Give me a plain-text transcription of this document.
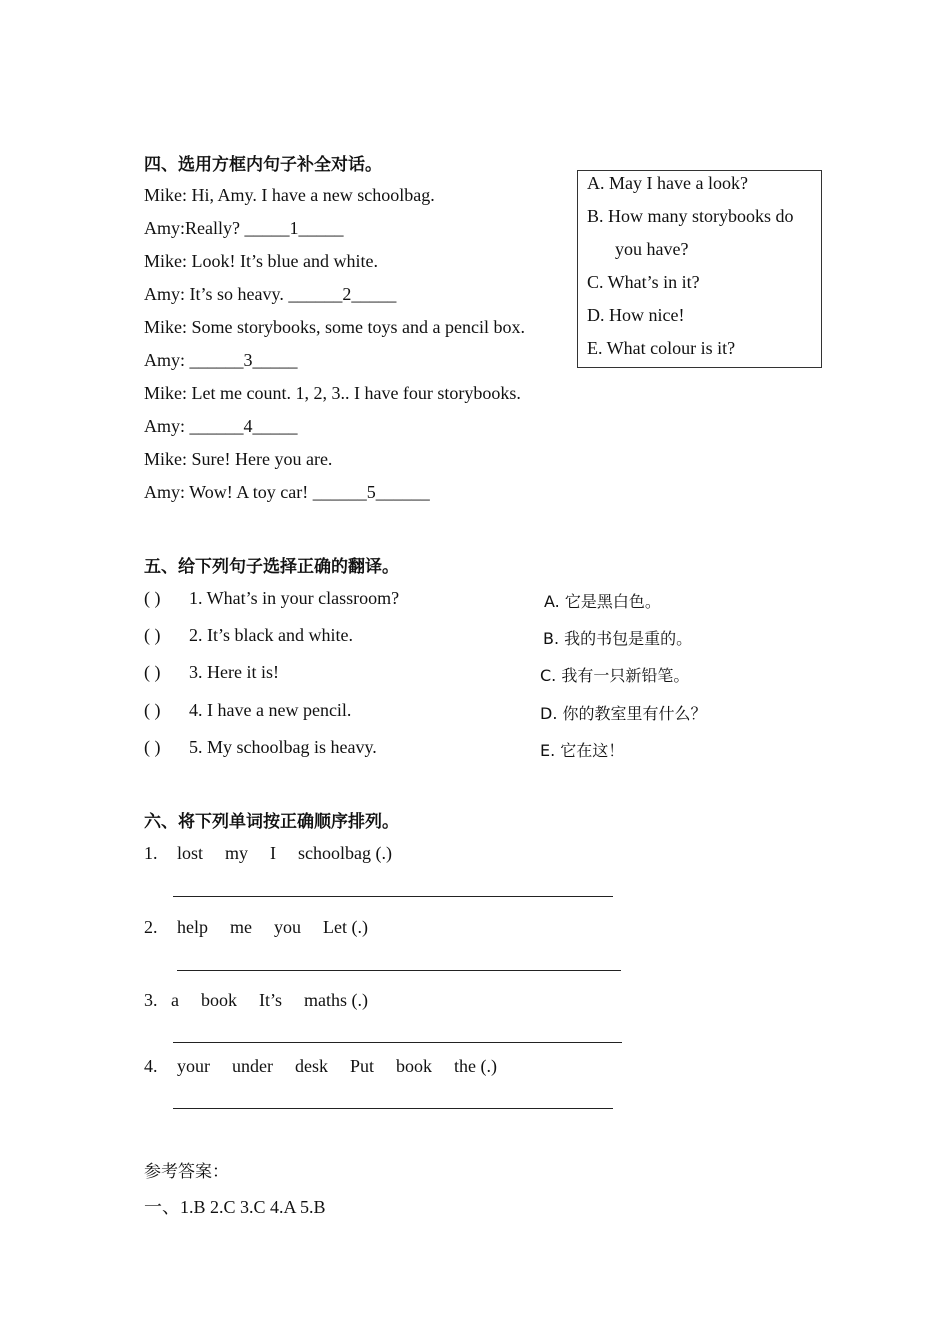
四、选用方框内句子补全对话。
Mike: Hi, Amy. I have a new schoolbag.
Amy:Really? _____1_____
Mike: Look! It’s blue and white.
Amy: It’s so heavy. ______2_____
Mike: Some storybooks, some toys and a pencil box.
Amy: ______3_____
Mike: Let me count. 1, 2, 3.. I have four storybooks.
Amy: ______4_____
Mike: Sure! Here you are.
Amy: Wow! A toy car! ______5______
A. May I have a look?
B. How many storybooks do
you have?
C. What’s in it?
D. How nice!
E. What colour is it?
五、给下列句子选择正确的翻译。
( ) 1. What’s in your classroom?	A. 它是黑白色。
( ) 2. It’s black and white.	B. 我的书包是重的。
( ) 3. Here it is!	C. 我有一只新铅笔。
( ) 4. I have a new pencil.	D. 你的教室里有什么？
( ) 5. My schoolbag is heavy.	E. 它在这！
六、将下列单词按正确顺序排列。
1. lost my I schoolbag (.)
2. help me you Let (.)
3. a book It’s maths (.)
4. your under desk Put book the (.)
参考答案：
一、1.B 2.C 3.C 4.A 5.B
